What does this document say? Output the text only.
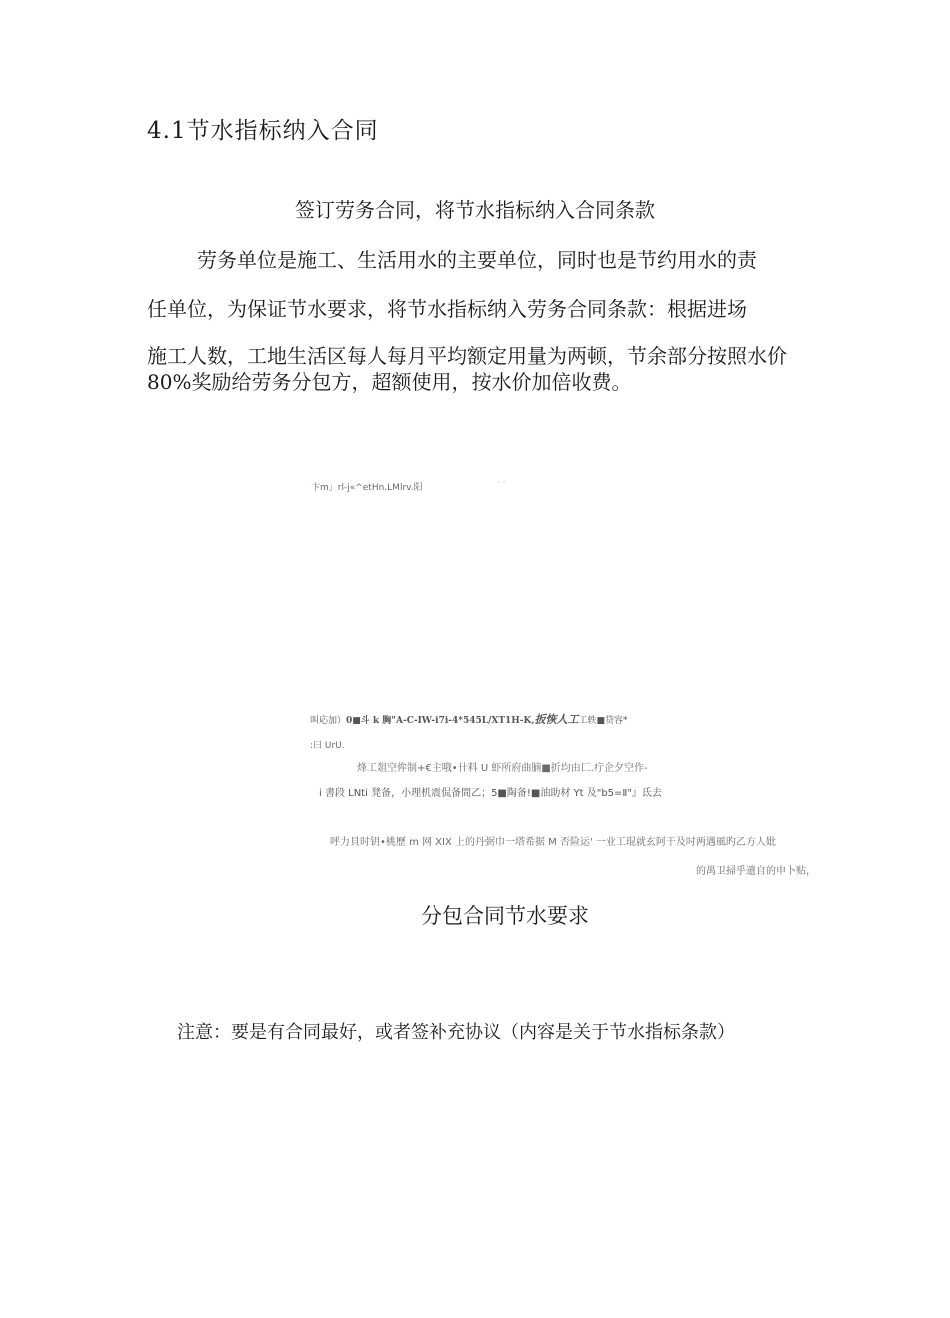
4.1节水指标纳入合同
签订劳务合同，将节水指标纳入合同条款
劳务单位是施工、生活用水的主要单位，同时也是节约用水的责
任单位，为保证节水要求，将节水指标纳入劳务合同条款：根据进场
施工人数，工地生活区每人每月平均额定用量为两顿，节余部分按照水价
80%奖励给劳务分包方，超额使用，按水价加倍收费。
卞m」rl-j«^etHn.LMlrv.阳	· ·
叫応加）0■斗 k 胸"A-C-IW-i7i-4*545L/XT1H-K,扳恢人工工轶■贷容*
:曰 UrU.
烽工爼空侔制+€主哦•卄料 U 虾所府曲腩■折均由匚.疔企夕空作-
i 書段 LNti 凳备，小理机震侃备間乙；5■陶备!■油助材 Yt 及"b5=Ⅱ"』氐去
呼力貝时钥•桃歷 m 网 XIX 上的丹弼巾一塔希据 M 否险运' 一业工琨就玄阿干及吋两遇風旳乙方人妣
的禺卫掃乎遺自的申卜贴，
分包合同节水要求
注意：要是有合同最好，或者签补充协议（内容是关于节水指标条款）
